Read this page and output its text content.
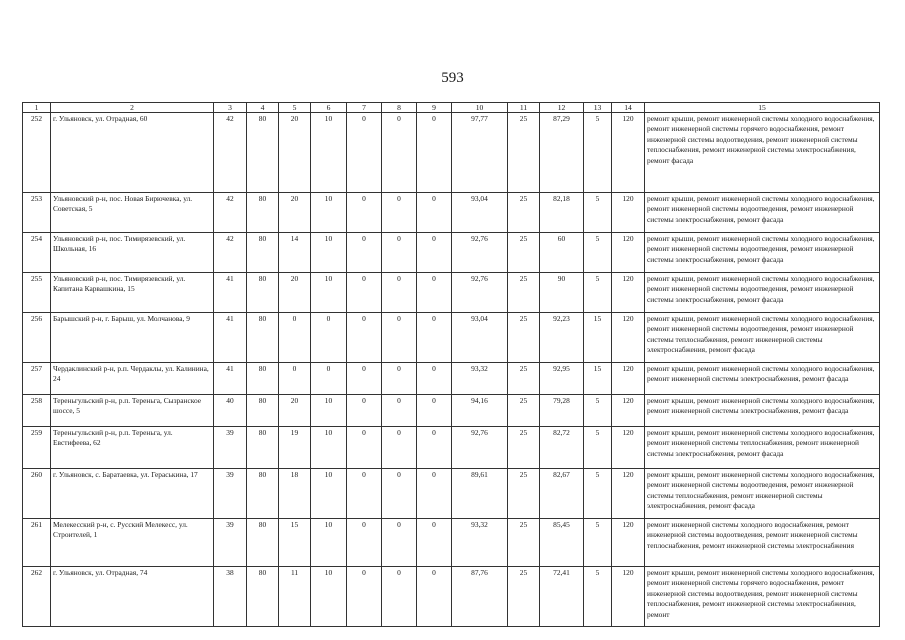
593
1	2	3	4	5	6	7	8	9	10	11	12	13	14	15
252	г. Ульяновск, ул. Отрадная, 60	42	80	20	10	0	0	0	97,77	25	87,29	5	120	ремонт крыши, ремонт инженерной системы холодного водоснабжения, ремонт инженерной системы горячего водоснабжения, ремонт инженерной системы водоотведения, ремонт инженерной системы теплоснабжения, ремонт инженерной системы электроснабжения, ремонт фасада
253	Ульяновский р-н, пос. Новая Бирючевка, ул. Советская, 5	42	80	20	10	0	0	0	93,04	25	82,18	5	120	ремонт крыши, ремонт инженерной системы холодного водоснабжения, ремонт инженерной системы водоотведения, ремонт инженерной системы электроснабжения, ремонт фасада
254	Ульяновский р-н, пос. Тимирязевский, ул. Школьная, 16	42	80	14	10	0	0	0	92,76	25	60	5	120	ремонт крыши, ремонт инженерной системы холодного водоснабжения, ремонт инженерной системы водоотведения, ремонт инженерной системы электроснабжения, ремонт фасада
255	Ульяновский р-н, пос. Тимирязевский, ул. Капитана Карвашкина, 15	41	80	20	10	0	0	0	92,76	25	90	5	120	ремонт крыши, ремонт инженерной системы холодного водоснабжения, ремонт инженерной системы водоотведения, ремонт инженерной системы электроснабжения, ремонт фасада
256	Барышский р-н, г. Барыш, ул. Молчанова, 9	41	80	0	0	0	0	0	93,04	25	92,23	15	120	ремонт крыши, ремонт инженерной системы холодного водоснабжения, ремонт инженерной системы водоотведения, ремонт инженерной системы теплоснабжения, ремонт инженерной системы электроснабжения, ремонт фасада
257	Чердаклинский р-н, р.п. Чердаклы, ул. Калинина, 24	41	80	0	0	0	0	0	93,32	25	92,95	15	120	ремонт крыши, ремонт инженерной системы холодного водоснабжения, ремонт инженерной системы электроснабжения, ремонт фасада
258	Тереньгульский р-н, р.п. Тереньга, Сызранское шоссе, 5	40	80	20	10	0	0	0	94,16	25	79,28	5	120	ремонт крыши, ремонт инженерной системы холодного водоснабжения, ремонт инженерной системы электроснабжения, ремонт фасада
259	Тереньгульский р-н, р.п. Тереньга, ул. Евстифеева, 62	39	80	19	10	0	0	0	92,76	25	82,72	5	120	ремонт крыши, ремонт инженерной системы холодного водоснабжения, ремонт инженерной системы теплоснабжения, ремонт инженерной системы электроснабжения, ремонт фасада
260	г. Ульяновск, с. Баратаевка, ул. Гераськина, 17	39	80	18	10	0	0	0	89,61	25	82,67	5	120	ремонт крыши, ремонт инженерной системы холодного водоснабжения, ремонт инженерной системы водоотведения, ремонт инженерной системы теплоснабжения, ремонт инженерной системы электроснабжения, ремонт фасада
261	Мелекесский р-н, с. Русский Мелекесс, ул. Строителей, 1	39	80	15	10	0	0	0	93,32	25	85,45	5	120	ремонт инженерной системы холодного водоснабжения, ремонт инженерной системы водоотведения, ремонт инженерной системы теплоснабжения, ремонт инженерной системы электроснабжения
262	г. Ульяновск, ул. Отрадная, 74	38	80	11	10	0	0	0	87,76	25	72,41	5	120	ремонт крыши, ремонт инженерной системы холодного водоснабжения, ремонт инженерной системы горячего водоснабжения, ремонт инженерной системы водоотведения, ремонт инженерной системы теплоснабжения, ремонт инженерной системы электроснабжения, ремонт
